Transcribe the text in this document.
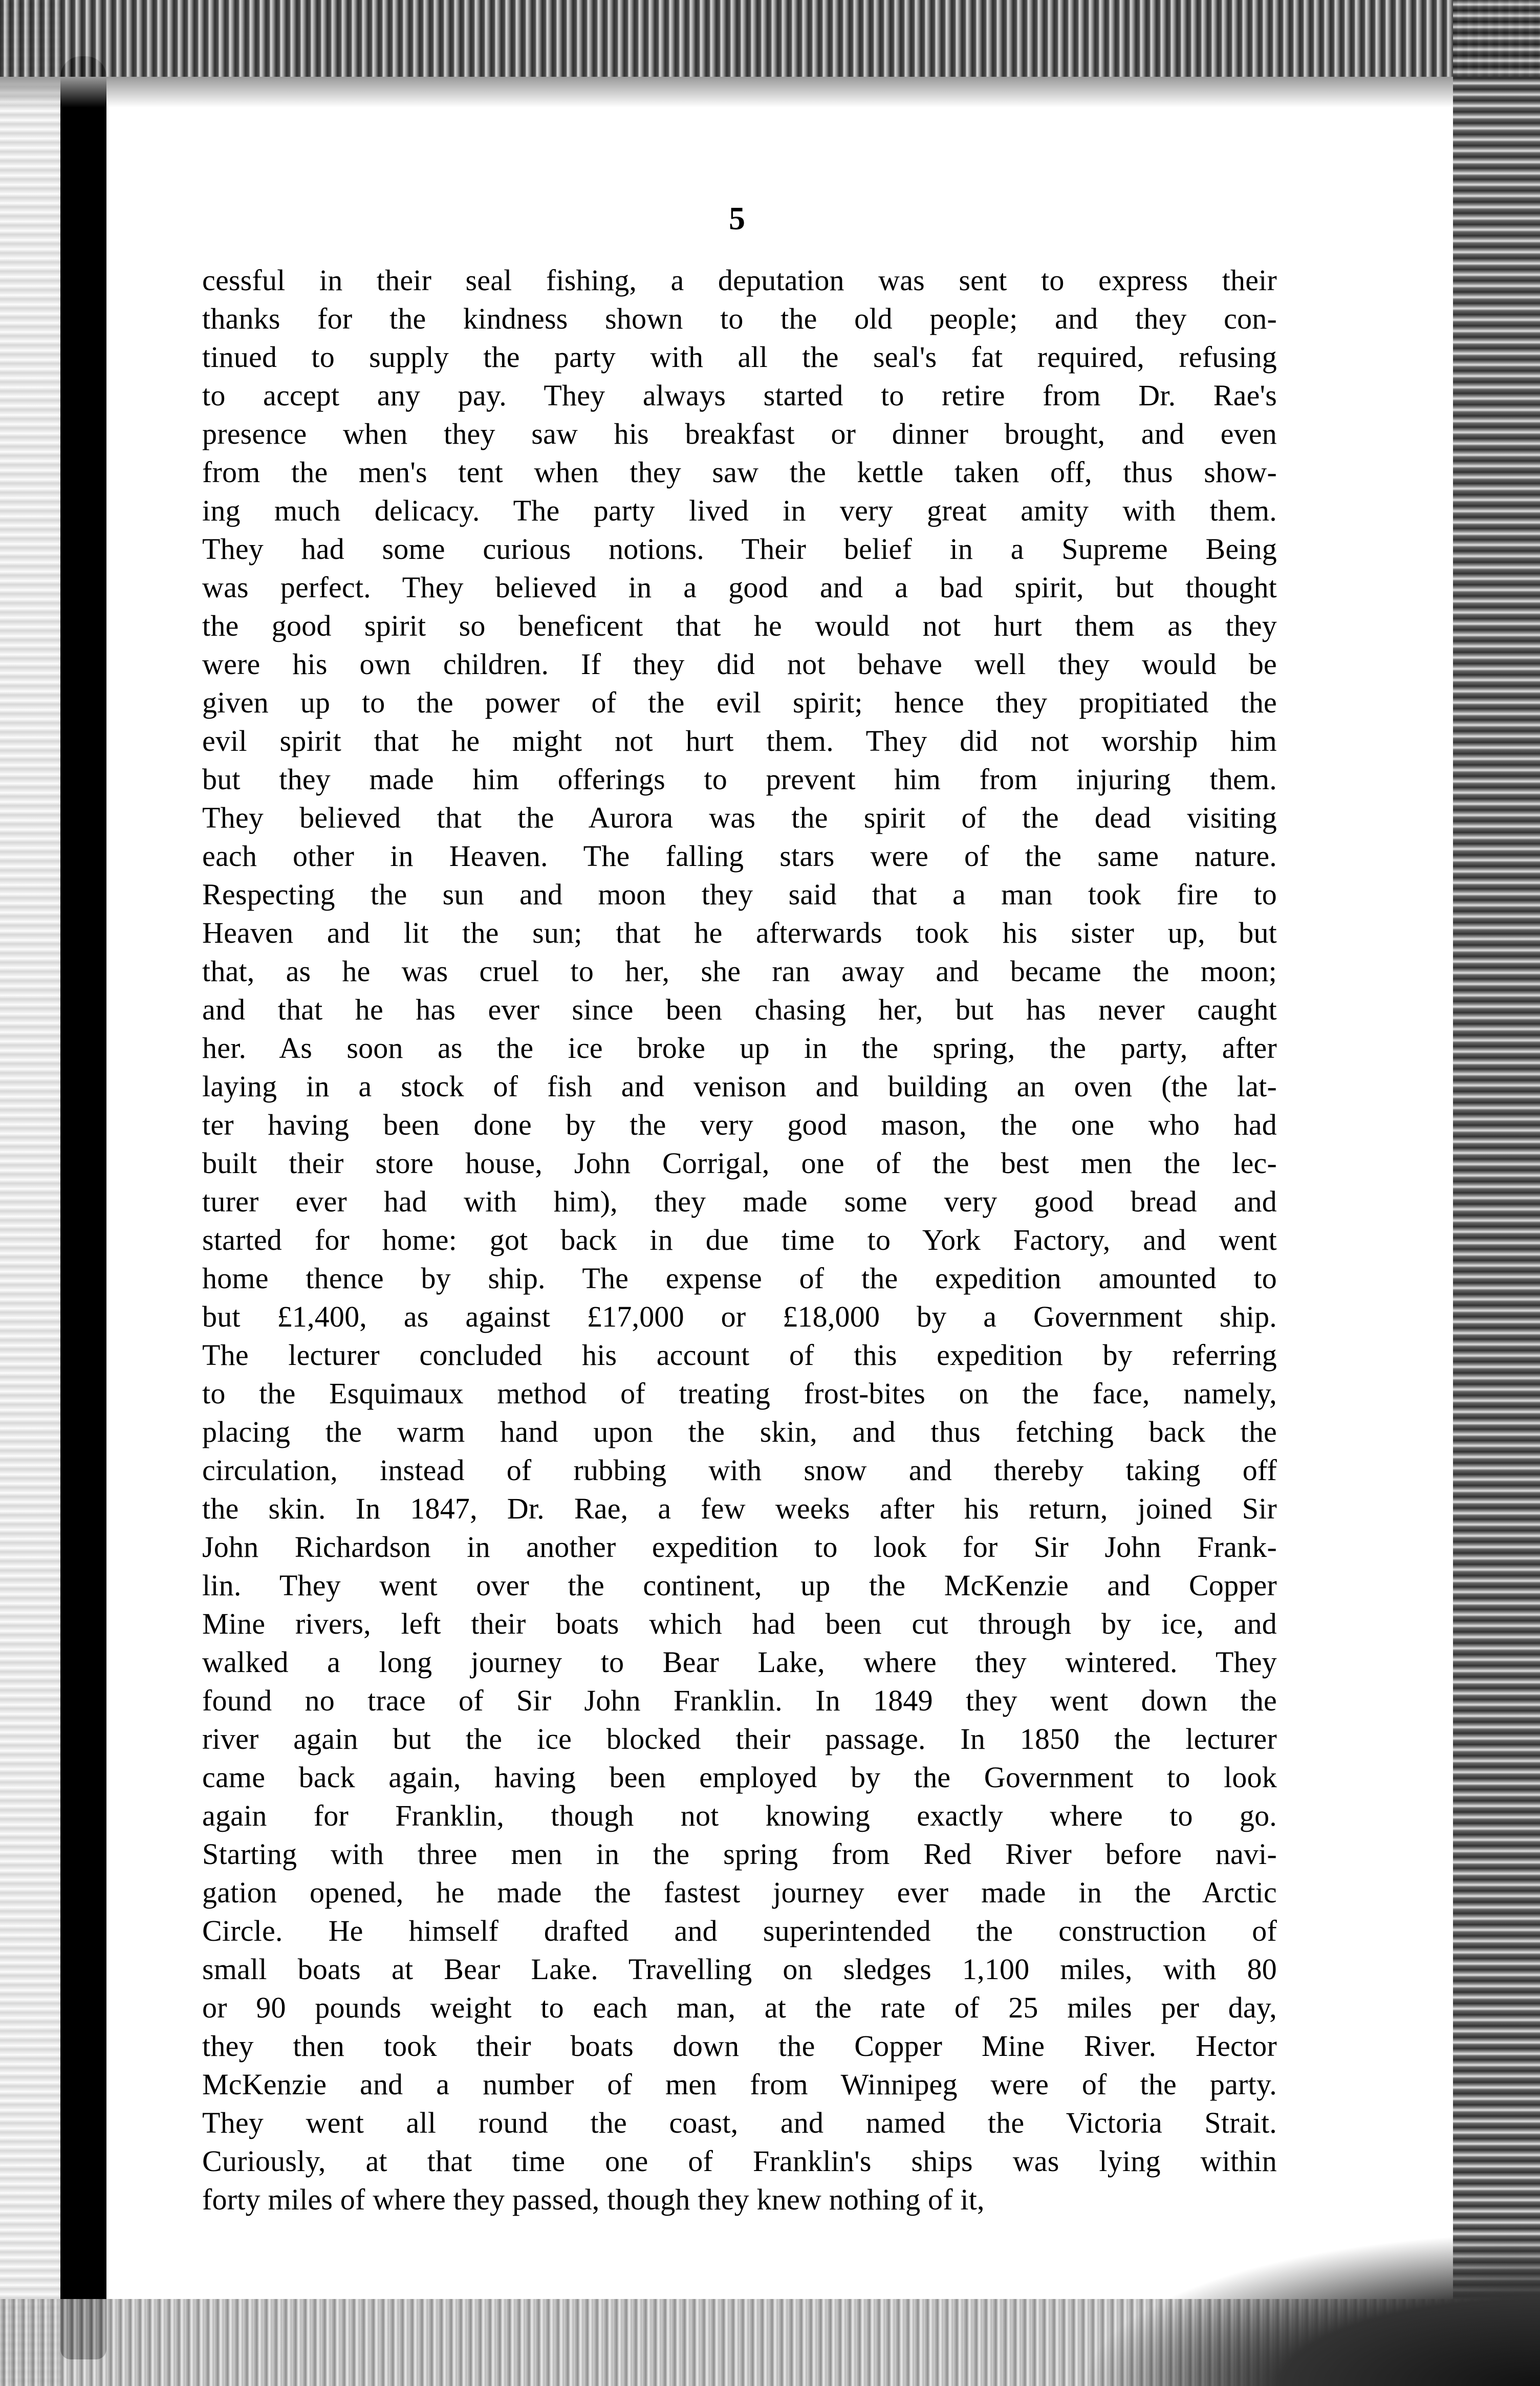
5
cessful in their seal fishing, a deputation was sent to express their
thanks for the kindness shown to the old people; and they con-
tinued to supply the party with all the seal's fat required, refusing
to accept any pay. They always started to retire from Dr. Rae's
presence when they saw his breakfast or dinner brought, and even
from the men's tent when they saw the kettle taken off, thus show-
ing much delicacy. The party lived in very great amity with them.
They had some curious notions. Their belief in a Supreme Being
was perfect. They believed in a good and a bad spirit, but thought
the good spirit so beneficent that he would not hurt them as they
were his own children. If they did not behave well they would be
given up to the power of the evil spirit; hence they propitiated the
evil spirit that he might not hurt them. They did not worship him
but they made him offerings to prevent him from injuring them.
They believed that the Aurora was the spirit of the dead visiting
each other in Heaven. The falling stars were of the same nature.
Respecting the sun and moon they said that a man took fire to
Heaven and lit the sun; that he afterwards took his sister up, but
that, as he was cruel to her, she ran away and became the moon;
and that he has ever since been chasing her, but has never caught
her. As soon as the ice broke up in the spring, the party, after
laying in a stock of fish and venison and building an oven (the lat-
ter having been done by the very good mason, the one who had
built their store house, John Corrigal, one of the best men the lec-
turer ever had with him), they made some very good bread and
started for home: got back in due time to York Factory, and went
home thence by ship. The expense of the expedition amounted to
but £1,400, as against £17,000 or £18,000 by a Government ship.
The lecturer concluded his account of this expedition by referring
to the Esquimaux method of treating frost-bites on the face, namely,
placing the warm hand upon the skin, and thus fetching back the
circulation, instead of rubbing with snow and thereby taking off
the skin. In 1847, Dr. Rae, a few weeks after his return, joined Sir
John Richardson in another expedition to look for Sir John Frank-
lin. They went over the continent, up the McKenzie and Copper
Mine rivers, left their boats which had been cut through by ice, and
walked a long journey to Bear Lake, where they wintered. They
found no trace of Sir John Franklin. In 1849 they went down the
river again but the ice blocked their passage. In 1850 the lecturer
came back again, having been employed by the Government to look
again for Franklin, though not knowing exactly where to go.
Starting with three men in the spring from Red River before navi-
gation opened, he made the fastest journey ever made in the Arctic
Circle. He himself drafted and superintended the construction of
small boats at Bear Lake. Travelling on sledges 1,100 miles, with 80
or 90 pounds weight to each man, at the rate of 25 miles per day,
they then took their boats down the Copper Mine River. Hector
McKenzie and a number of men from Winnipeg were of the party.
They went all round the coast, and named the Victoria Strait.
Curiously, at that time one of Franklin's ships was lying within
forty miles of where they passed, though they knew nothing of it,
